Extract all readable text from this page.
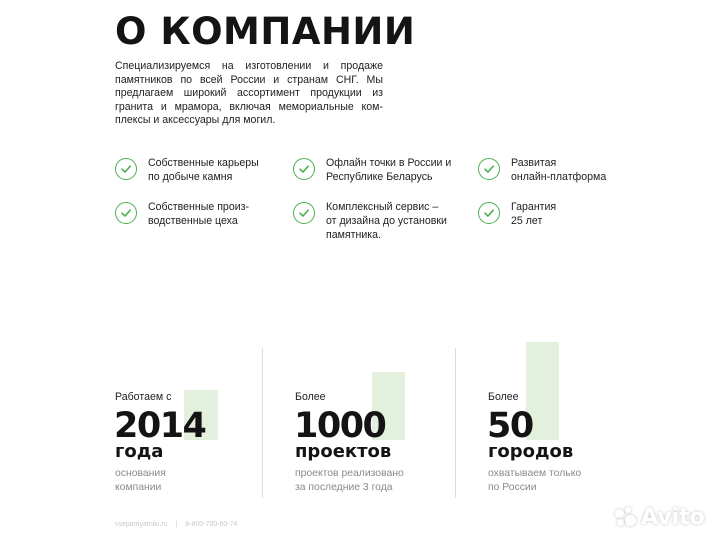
О КОМПАНИИ
Специализируемся на изготовлении и продаже памятников по всей России и странам СНГ. Мы предлагаем широкий ассортимент продукции из гранита и мрамора, включая мемориальные ком-плексы и аксессуары для могил.
Собственные карьеры
по добыче камня
Офлайн точки в России и
Республике Беларусь
Развитая
онлайн-платформа
Собственные произ-
водственные цеха
Комплексный сервис –
от дизайна до установки
памятника.
Гарантия
25 лет
Работаем с
2014
года
основания
компании
Более
1000
проектов
проектов реализовано
за последние 3 года
Более
50
городов
охватываем только
по России
vsepamyatniki.ru | 8-800-700-60-74	Avito
